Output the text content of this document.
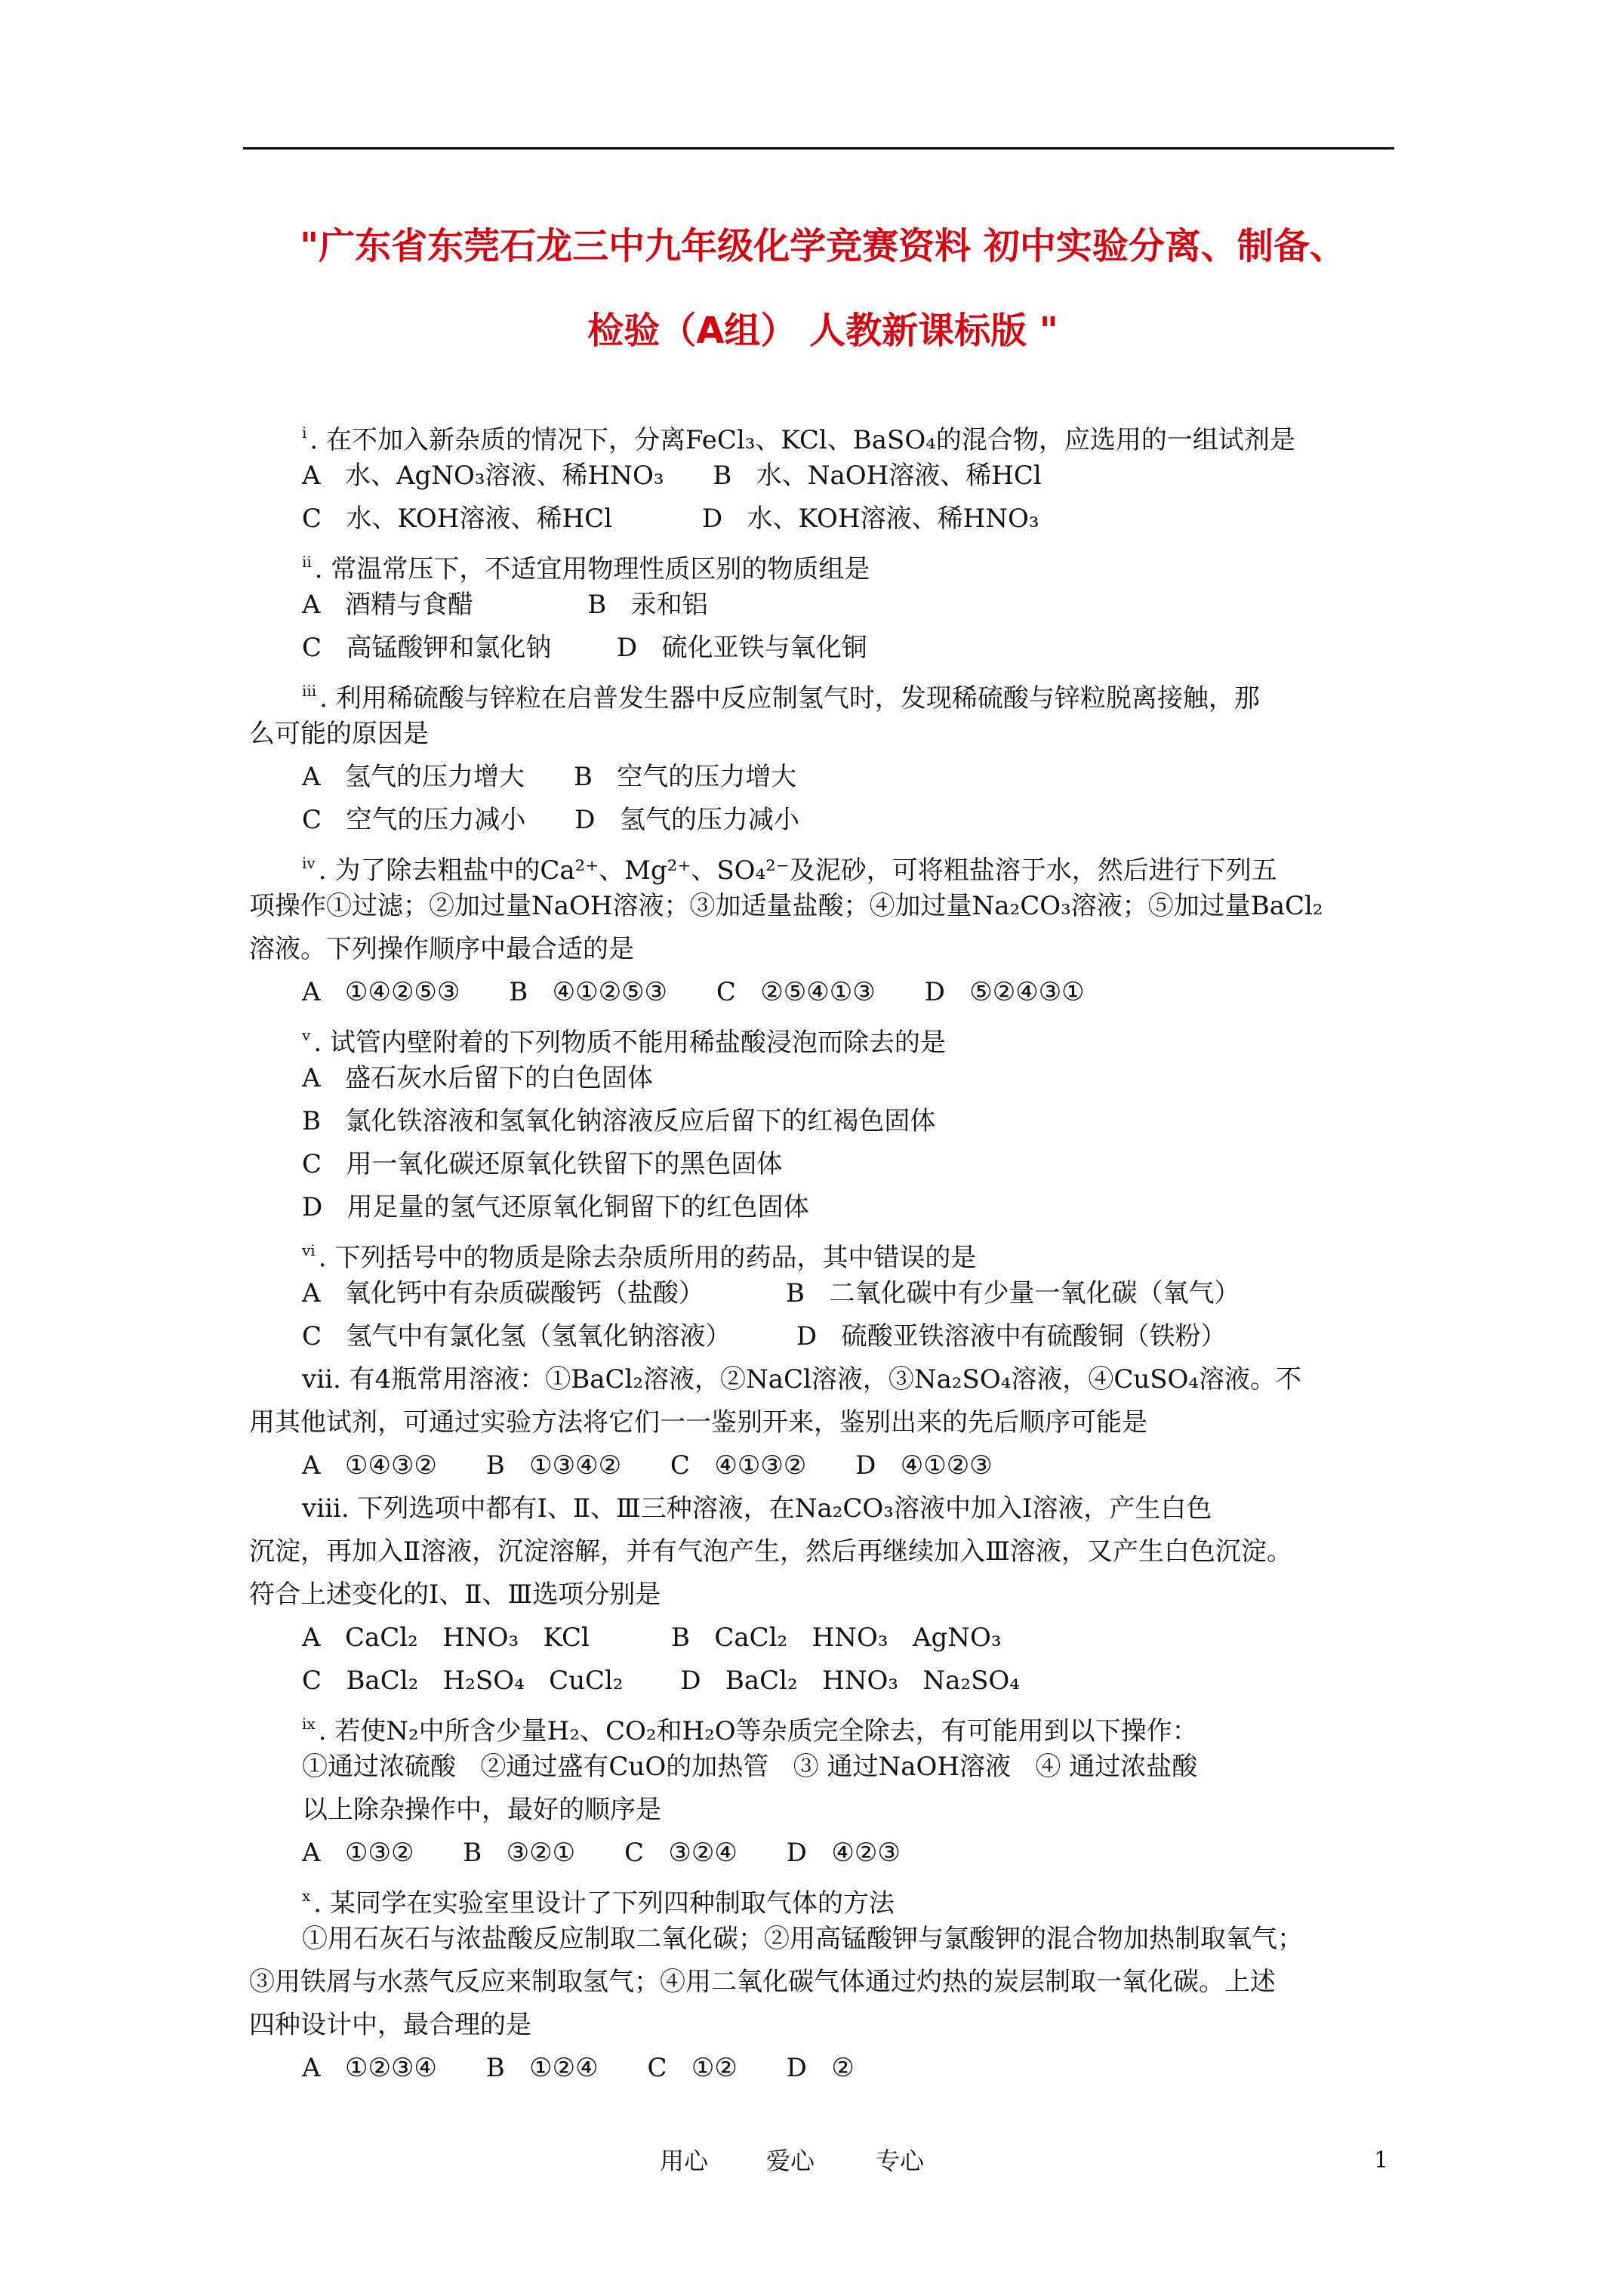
"广东省东莞石龙三中九年级化学竞赛资料 初中实验分离、制备、
检验（A组） 人教新课标版 "
$^i$ . 在不加入新杂质的情况下，分离FeCl₃、KCl、BaSO₄的混合物，应选用的一组试剂是
A   水、AgNO₃溶液、稀HNO₃      B   水、NaOH溶液、稀HCl
C   水、KOH溶液、稀HCl           D   水、KOH溶液、稀HNO₃
$^{ii}$ . 常温常压下，不适宜用物理性质区别的物质组是
A   酒精与食醋              B   汞和铝
C   高锰酸钾和氯化钠        D   硫化亚铁与氧化铜
$^{iii}$ . 利用稀硫酸与锌粒在启普发生器中反应制氢气时，发现稀硫酸与锌粒脱离接触，那
么可能的原因是
A   氢气的压力增大      B   空气的压力增大
C   空气的压力减小      D   氢气的压力减小
$^{iv}$ . 为了除去粗盐中的Ca²⁺、Mg²⁺、SO₄²⁻及泥砂，可将粗盐溶于水，然后进行下列五
项操作①过滤；②加过量NaOH溶液；③加适量盐酸；④加过量Na₂CO₃溶液；⑤加过量BaCl₂
溶液。下列操作顺序中最合适的是
A   ①④②⑤③      B   ④①②⑤③      C   ②⑤④①③      D   ⑤②④③①
$^v$ . 试管内壁附着的下列物质不能用稀盐酸浸泡而除去的是
A   盛石灰水后留下的白色固体
B   氯化铁溶液和氢氧化钠溶液反应后留下的红褐色固体
C   用一氧化碳还原氧化铁留下的黑色固体
D   用足量的氢气还原氧化铜留下的红色固体
$^{vi}$ . 下列括号中的物质是除去杂质所用的药品，其中错误的是
A   氧化钙中有杂质碳酸钙（盐酸）          B   二氧化碳中有少量一氧化碳（氧气）
C   氢气中有氯化氢（氢氧化钠溶液）        D   硫酸亚铁溶液中有硫酸铜（铁粉）
vii. 有4瓶常用溶液：①BaCl₂溶液，②NaCl溶液，③Na₂SO₄溶液，④CuSO₄溶液。不
用其他试剂，可通过实验方法将它们一一鉴别开来，鉴别出来的先后顺序可能是
A   ①④③②      B   ①③④②      C   ④①③②      D   ④①②③
viii. 下列选项中都有Ⅰ、Ⅱ、Ⅲ三种溶液，在Na₂CO₃溶液中加入Ⅰ溶液，产生白色
沉淀，再加入Ⅱ溶液，沉淀溶解，并有气泡产生，然后再继续加入Ⅲ溶液，又产生白色沉淀。
符合上述变化的Ⅰ、Ⅱ、Ⅲ选项分别是
A   CaCl₂   HNO₃   KCl          B   CaCl₂   HNO₃   AgNO₃
C   BaCl₂   H₂SO₄   CuCl₂       D   BaCl₂   HNO₃   Na₂SO₄
$^{ix}$ . 若使N₂中所含少量H₂、CO₂和H₂O等杂质完全除去，有可能用到以下操作：
①通过浓硫酸   ②通过盛有CuO的加热管   ③ 通过NaOH溶液   ④ 通过浓盐酸
以上除杂操作中，最好的顺序是
A   ①③②      B   ③②①      C   ③②④      D   ④②③
$^x$ . 某同学在实验室里设计了下列四种制取气体的方法
①用石灰石与浓盐酸反应制取二氧化碳；②用高锰酸钾与氯酸钾的混合物加热制取氧气；
③用铁屑与水蒸气反应来制取氢气；④用二氧化碳气体通过灼热的炭层制取一氧化碳。上述
四种设计中，最合理的是
A   ①②③④      B   ①②④      C   ①②      D   ②
用心 爱心	专心	1
